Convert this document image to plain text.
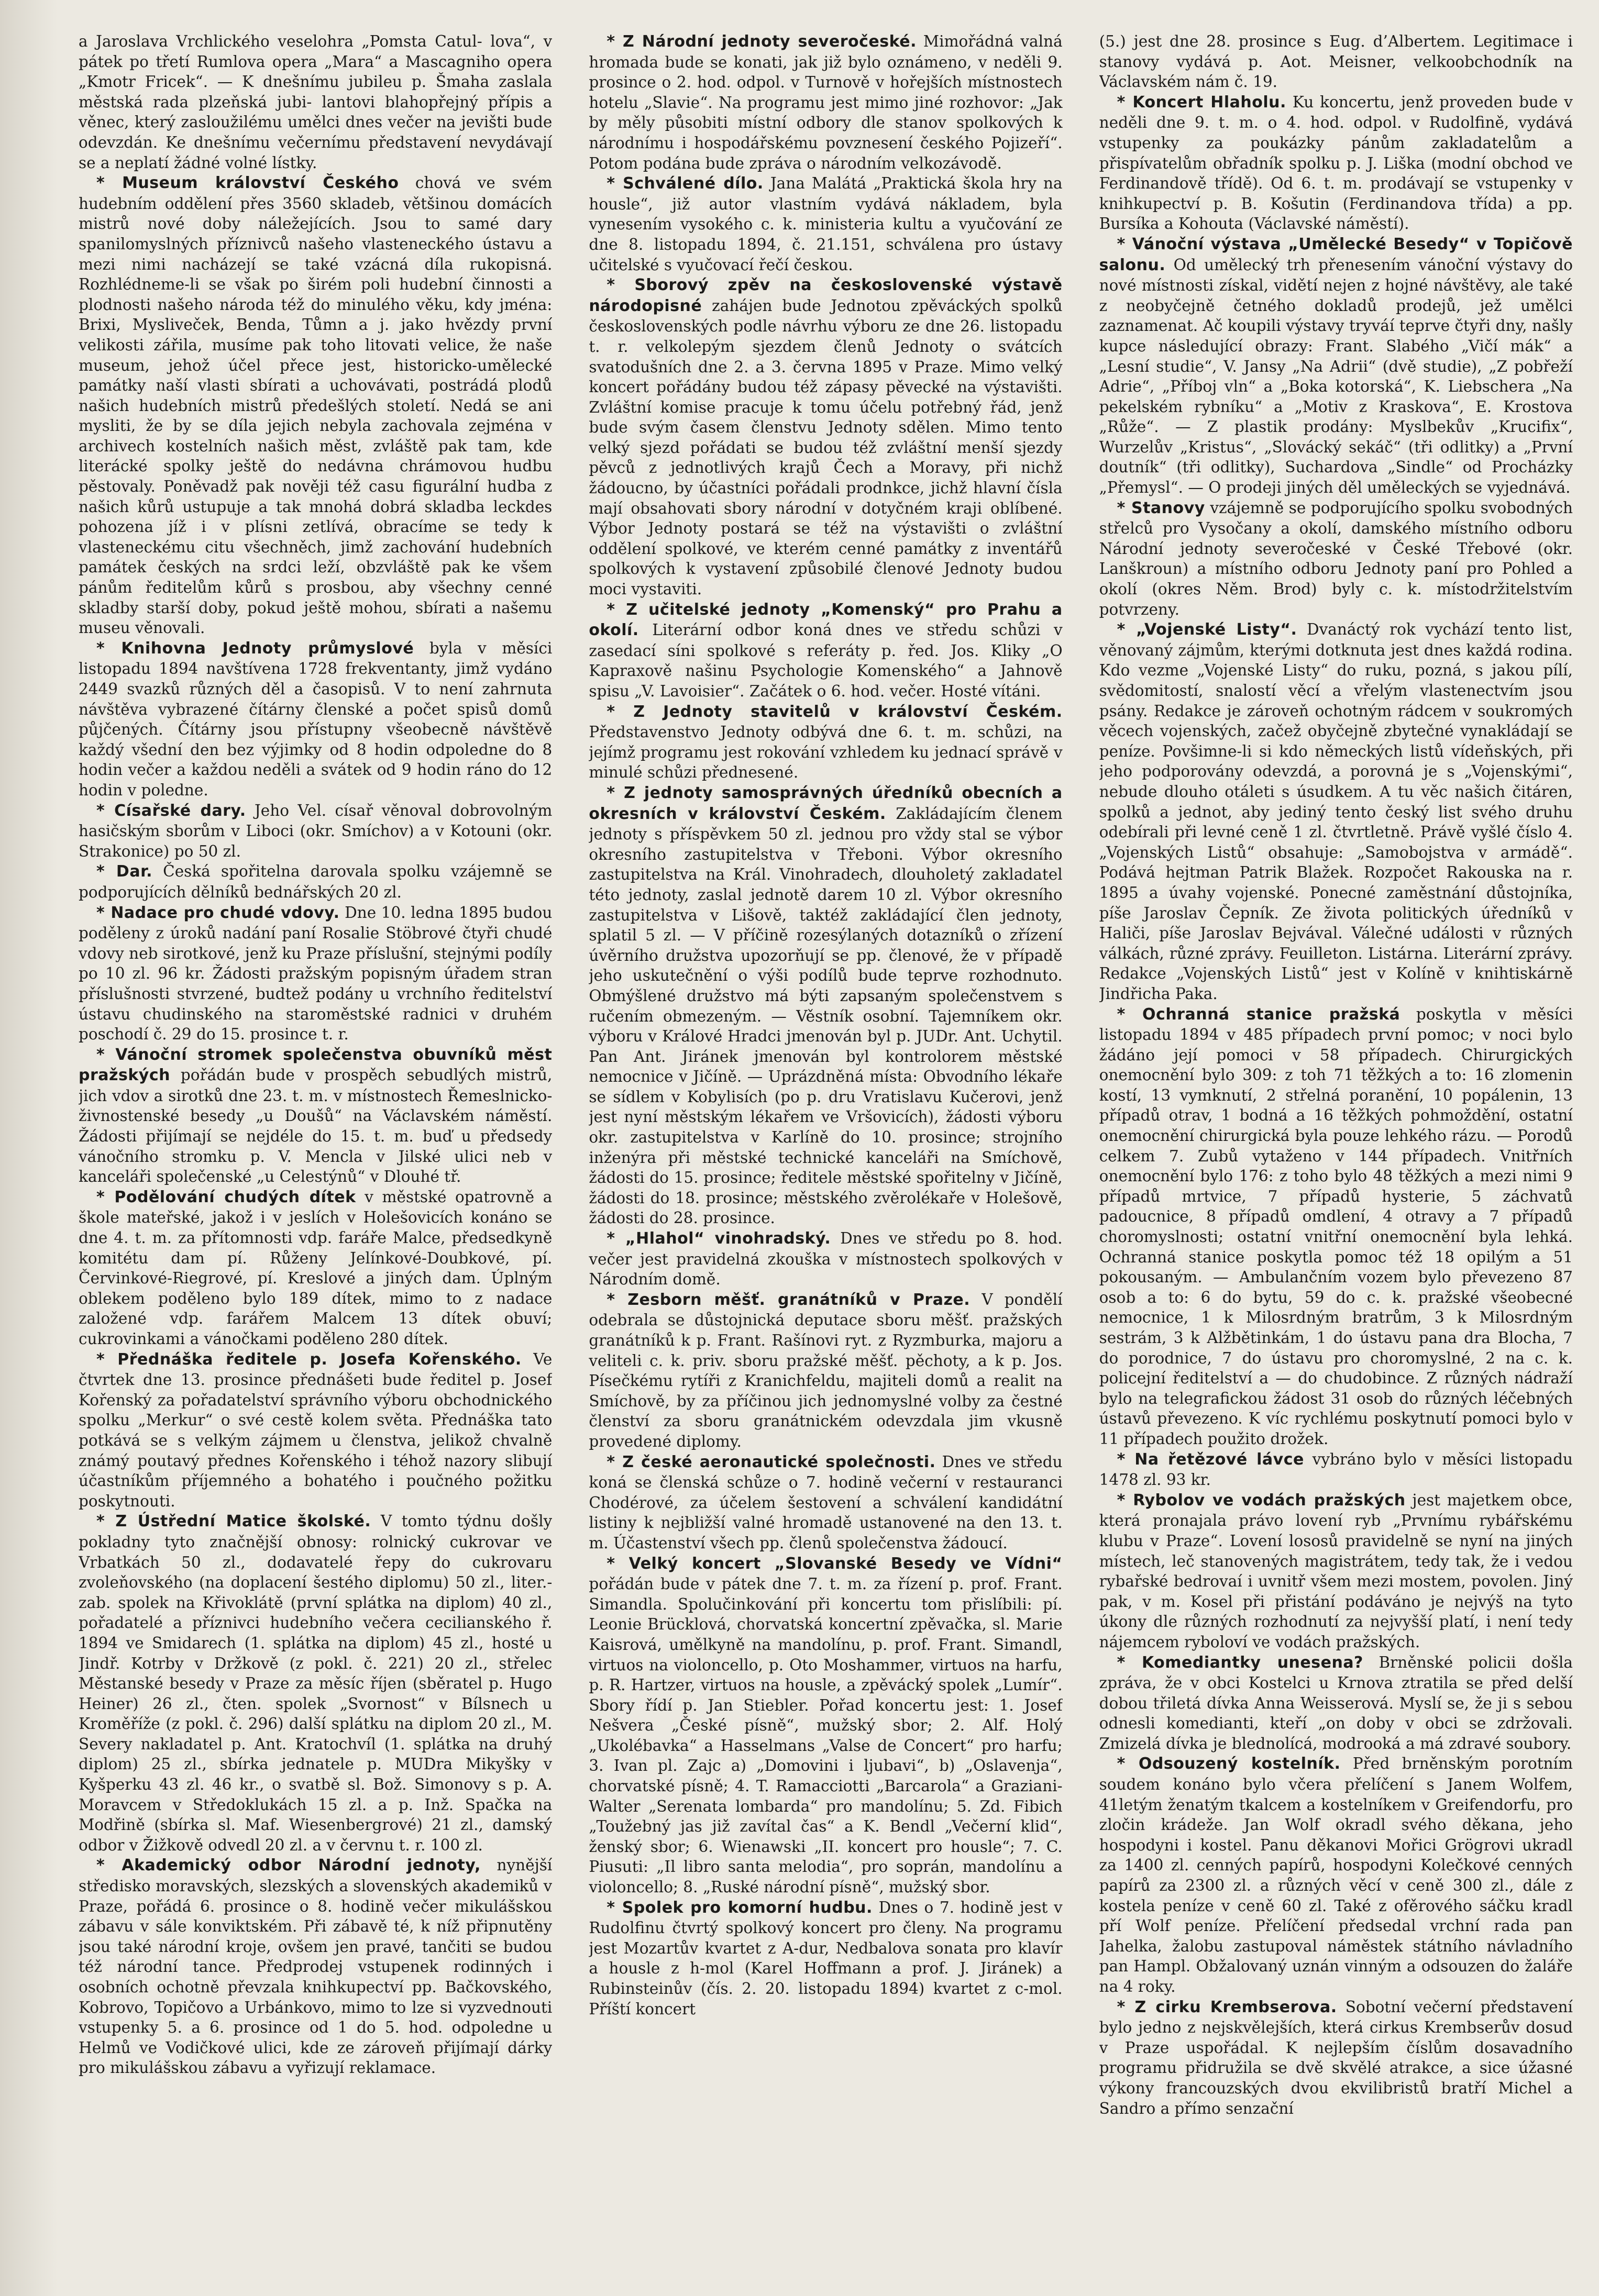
a Jaroslava Vrchlického veselohra „Pomsta Catul- lova“, v pátek po třetí Rumlova opera „Mara“ a Mascagniho opera „Kmotr Fricek“. — K dnešnímu jubileu p. Šmaha zaslala městská rada plzeňská jubi- lantovi blahopřejný přípis a věnec, který zasloužilému umělci dnes večer na jevišti bude odevzdán. Ke dnešnímu večernímu představení nevydávají se a neplatí žádné volné lístky.

* Museum království Českého chová ve svém hudebním oddělení přes 3560 skladeb, většinou domácích mistrů nové doby náležejících. Jsou to samé dary spanilomyslných příznivců našeho vlasteneckého ústavu a mezi nimi nacházejí se také vzácná díla rukopisná. Rozhlédneme-li se však po širém poli hudební činnosti a plodnosti našeho národa též do minulého věku, kdy jména: Brixi, Mysliveček, Benda, Tůmn a j. jako hvězdy první velikosti zářila, musíme pak toho litovati velice, že naše museum, jehož účel přece jest, historicko-umělecké památky naší vlasti sbírati a uchovávati, postrádá plodů našich hudebních mistrů předešlých století. Nedá se ani mysliti, že by se díla jejich nebyla zachovala zejména v archivech kostelních našich měst, zvláště pak tam, kde literácké spolky ještě do nedávna chrámovou hudbu pěstovaly. Poněvadž pak nověji též casu figurální hudba z našich kůrů ustupuje a tak mnohá dobrá skladba leckdes pohozena jíž i v plísni zetlívá, obracíme se tedy k vlasteneckému citu všechněch, jimž zachování hudebních památek českých na srdci leží, obzvláště pak ke všem pánům ředitelům kůrů s prosbou, aby všechny cenné skladby starší doby, pokud ještě mohou, sbírati a našemu museu věnovali.

* Knihovna Jednoty průmyslové byla v měsíci listopadu 1894 navštívena 1728 frekventanty, jimž vydáno 2449 svazků různých děl a časopisů. V to není zahrnuta návštěva vybrazené čítárny členské a počet spisů domů půjčených. Čítárny jsou přístupny všeobecně návštěvě každý všední den bez výjimky od 8 hodin odpoledne do 8 hodin večer a každou neděli a svátek od 9 hodin ráno do 12 hodin v poledne.

* Císařské dary. Jeho Vel. císař věnoval dobrovolným hasičským sborům v Liboci (okr. Smíchov) a v Kotouni (okr. Strakonice) po 50 zl.

* Dar. Česká spořitelna darovala spolku vzájemně se podporujících dělníků bednářských 20 zl.

* Nadace pro chudé vdovy. Dne 10. ledna 1895 budou poděleny z úroků nadání paní Rosalie Stöbrové čtyři chudé vdovy neb sirotkové, jenž ku Praze příslušní, stejnými podíly po 10 zl. 96 kr. Žádosti pražským popisným úřadem stran příslušnosti stvrzené, budtež podány u vrchního ředitelství ústavu chudinského na staroměstské radnici v druhém poschodí č. 29 do 15. prosince t. r.

* Vánoční stromek společenstva obuvníků měst pražských pořádán bude v prospěch sebudlých mistrů, jich vdov a sirotků dne 23. t. m. v místnostech Řemeslnicko-živnostenské besedy „u Doušů“ na Václavském náměstí. Žádosti přijímají se nejdéle do 15. t. m. buď u předsedy vánočního stromku p. V. Mencla v Jilské ulici neb v kanceláři společenské „u Celestýnů“ v Dlouhé tř.

* Podělování chudých dítek v městské opatrovně a škole mateřské, jakož i v jeslích v Holešovicích konáno se dne 4. t. m. za přítomnosti vdp. faráře Malce, předsedkyně komitétu dam pí. Růženy Jelínkové-Doubkové, pí. Červinkové-Riegrové, pí. Kreslové a jiných dam. Úplným oblekem poděleno bylo 189 dítek, mimo to z nadace založené vdp. farářem Malcem 13 dítek obuví; cukrovinkami a vánočkami poděleno 280 dítek.

* Přednáška ředitele p. Josefa Kořenského. Ve čtvrtek dne 13. prosince přednášeti bude ředitel p. Josef Kořenský za pořadatelství správního výboru obchodnického spolku „Merkur“ o své cestě kolem světa. Přednáška tato potkává se s velkým zájmem u členstva, jelikož chvalně známý poutavý přednes Kořenského i téhož nazory slibují účastníkům příjemného a bohatého i poučného požitku poskytnouti.

* Z Ústřední Matice školské. V tomto týdnu došly pokladny tyto značnější obnosy: rolnický cukrovar ve Vrbatkách 50 zl., dodavatelé řepy do cukrovaru zvoleňovského (na doplacení šestého diplomu) 50 zl., liter.-zab. spolek na Křivoklátě (první splátka na diplom) 40 zl., pořadatelé a příznivci hudebního večera cecilianského ř. 1894 ve Smidarech (1. splátka na diplom) 45 zl., hosté u Jindř. Kotrby v Držkově (z pokl. č. 221) 20 zl., střelec Městanské besedy v Praze za měsíc říjen (sběratel p. Hugo Heiner) 26 zl., čten. spolek „Svornost“ v Bílsnech u Kroměříže (z pokl. č. 296) další splátku na diplom 20 zl., M. Severy nakladatel p. Ant. Kratochvíl (1. splátka na druhý diplom) 25 zl., sbírka jednatele p. MUDra Mikyšky v Kyšperku 43 zl. 46 kr., o svatbě sl. Bož. Simonovy s p. A. Moravcem v Středoklukách 15 zl. a p. Inž. Spačka na Modřině (sbírka sl. Maf. Wiesenbergrové) 21 zl., damský odbor v Žižkově odvedl 20 zl. a v červnu t. r. 100 zl.

* Akademický odbor Národní jednoty, nynější středisko moravských, slezských a slovenských akademiků v Praze, pořádá 6. prosince o 8. hodině večer mikulášskou zábavu v sále konviktském. Při zábavě té, k níž připnutěny jsou také národní kroje, ovšem jen pravé, tančiti se budou též národní tance. Předprodej vstupenek rodinných i osobních ochotně převzala knihkupectví pp. Bačkovského, Kobrovo, Topičovo a Urbánkovo, mimo to lze si vyzvednouti vstupenky 5. a 6. prosince od 1 do 5. hod. odpoledne u Helmů ve Vodičkové ulici, kde ze zároveň přijímají dárky pro mikulášskou zábavu a vyřizují reklamace.

* Z Národní jednoty severočeské. Mimořádná valná hromada bude se konati, jak již bylo oznámeno, v neděli 9. prosince o 2. hod. odpol. v Turnově v hořejších místnostech hotelu „Slavie“. Na programu jest mimo jiné rozhovor: „Jak by měly působiti místní odbory dle stanov spolkových k národnímu i hospodářskému povznesení českého Pojizeří“. Potom podána bude zpráva o národním velkozávodě.

* Schválené dílo. Jana Malátá „Praktická škola hry na housle“, již autor vlastním vydává nákladem, byla vynesením vysokého c. k. ministeria kultu a vyučování ze dne 8. listopadu 1894, č. 21.151, schválena pro ústavy učitelské s vyučovací řečí českou.

* Sborový zpěv na československé výstavě národopisné zahájen bude Jednotou zpěváckých spolků československých podle návrhu výboru ze dne 26. listopadu t. r. velkolepým sjezdem členů Jednoty o svátcích svatodušních dne 2. a 3. června 1895 v Praze. Mimo velký koncert pořádány budou též zápasy pěvecké na výstavišti. Zvláštní komise pracuje k tomu účelu potřebný řád, jenž bude svým časem členstvu Jednoty sdělen. Mimo tento velký sjezd pořádati se budou též zvláštní menší sjezdy pěvců z jednotlivých krajů Čech a Moravy, při nichž žádoucno, by účastníci pořádali prodnkce, jichž hlavní čísla mají obsahovati sbory národní v dotyčném kraji oblíbené. Výbor Jednoty postará se též na výstavišti o zvláštní oddělení spolkové, ve kterém cenné památky z inventářů spolkových k vystavení způsobilé členové Jednoty budou moci vystaviti.

* Z učitelské jednoty „Komenský“ pro Prahu a okolí. Literární odbor koná dnes ve středu schůzi v zasedací síni spolkové s referáty p. řed. Jos. Kliky „O Kapraxově našinu Psychologie Komenského“ a Jahnově spisu „V. Lavoisier“. Začátek o 6. hod. večer. Hosté vítáni.

* Z Jednoty stavitelů v království Českém. Představenstvo Jednoty odbývá dne 6. t. m. schůzi, na jejímž programu jest rokování vzhledem ku jednací správě v minulé schůzi přednesené.

* Z jednoty samosprávných úředníků obecních a okresních v království Českém. Zakládajícím členem jednoty s příspěvkem 50 zl. jednou pro vždy stal se výbor okresního zastupitelstva v Třeboni. Výbor okresního zastupitelstva na Král. Vinohradech, dlouholetý zakladatel této jednoty, zaslal jednotě darem 10 zl. Výbor okresního zastupitelstva v Lišově, taktéž zakládající člen jednoty, splatil 5 zl. — V příčině rozesýlaných dotazníků o zřízení úvěrního družstva upozorňují se pp. členové, že v případě jeho uskutečnění o výši podílů bude teprve rozhodnuto. Obmýšlené družstvo má býti zapsaným společenstvem s ručením obmezeným. — Věstník osobní. Tajemníkem okr. výboru v Králové Hradci jmenován byl p. JUDr. Ant. Uchytil. Pan Ant. Jiránek jmenován byl kontrolorem městské nemocnice v Jičíně. — Uprázdněná místa: Obvodního lékaře se sídlem v Kobylisích (po p. dru Vratislavu Kučerovi, jenž jest nyní městským lékařem ve Vršovicích), žádosti výboru okr. zastupitelstva v Karlíně do 10. prosince; strojního inženýra při městské technické kanceláři na Smíchově, žádosti do 15. prosince; ředitele městské spořitelny v Jičíně, žádosti do 18. prosince; městského zvěrolékaře v Holešově, žádosti do 28. prosince.

* „Hlahol“ vinohradský. Dnes ve středu po 8. hod. večer jest pravidelná zkouška v místnostech spolkových v Národním domě.

* Zesborn měšť. granátníků v Praze. V pondělí odebrala se důstojnická deputace sboru měšť. pražských granátníků k p. Frant. Rašínovi ryt. z Ryzmburka, majoru a veliteli c. k. priv. sboru pražské měšť. pěchoty, a k p. Jos. Písečkému rytíři z Kranichfeldu, majiteli domů a realit na Smíchově, by za příčinou jich jednomyslné volby za čestné členství za sboru granátnickém odevzdala jim vkusně provedené diplomy.

* Z české aeronautické společnosti. Dnes ve středu koná se členská schůze o 7. hodině večerní v restauranci Chodérové, za účelem šestovení a schválení kandidátní listiny k nejbližší valné hromadě ustanovené na den 13. t. m. Účastenství všech pp. členů společenstva žádoucí.

* Velký koncert „Slovanské Besedy ve Vídni“ pořádán bude v pátek dne 7. t. m. za řízení p. prof. Frant. Simandla. Spolučinkování při koncertu tom přislíbili: pí. Leonie Brücklová, chorvatská koncertní zpěvačka, sl. Marie Kaisrová, umělkyně na mandolínu, p. prof. Frant. Simandl, virtuos na violoncello, p. Oto Moshammer, virtuos na harfu, p. R. Hartzer, virtuos na housle, a zpěvácký spolek „Lumír“. Sbory řídí p. Jan Stiebler. Pořad koncertu jest: 1. Josef Nešvera „České písně“, mužský sbor; 2. Alf. Holý „Ukolébavka“ a Hasselmans „Valse de Concert“ pro harfu; 3. Ivan pl. Zajc a) „Domovini i ljubavi“, b) „Oslavenja“, chorvatské písně; 4. T. Ramacciotti „Barcarola“ a Graziani-Walter „Serenata lombarda“ pro mandolínu; 5. Zd. Fibich „Toužebný jas již zavítal čas“ a K. Bendl „Večerní klid“, ženský sbor; 6. Wienawski „II. koncert pro housle“; 7. C. Piusuti: „Il libro santa melodia“, pro soprán, mandolínu a violoncello; 8. „Ruské národní písně“, mužský sbor.

* Spolek pro komorní hudbu. Dnes o 7. hodině jest v Rudolfinu čtvrtý spolkový koncert pro členy. Na programu jest Mozartův kvartet z A-dur, Nedbalova sonata pro klavír a housle z h-mol (Karel Hoffmann a prof. J. Jiránek) a Rubinsteinův (čís. 2. 20. listopadu 1894) kvartet z c-mol. Příští koncert

(5.) jest dne 28. prosince s Eug. d’Albertem. Legitimace i stanovy vydává p. Aot. Meisner, velkoobchodník na Václavském nám č. 19.

* Koncert Hlaholu. Ku koncertu, jenž proveden bude v neděli dne 9. t. m. o 4. hod. odpol. v Rudolfině, vydává vstupenky za poukázky pánům zakladatelům a přispívatelům obřadník spolku p. J. Liška (modní obchod ve Ferdinandově třídě). Od 6. t. m. prodávají se vstupenky v knihkupectví p. B. Košutin (Ferdinandova třída) a pp. Bursíka a Kohouta (Václavské náměstí).

* Vánoční výstava „Umělecké Besedy“ v Topičově salonu. Od umělecký trh přenesením vánoční výstavy do nové místnosti získal, vidětí nejen z hojné návštěvy, ale také z neobyčejně četného dokladů prodejů, jež umělci zaznamenat. Ač koupili výstavy tryváí teprve čtyři dny, našly kupce následující obrazy: Frant. Slabého „Vičí mák“ a „Lesní studie“, V. Jansy „Na Adrii“ (dvě studie), „Z pobřeží Adrie“, „Příboj vln“ a „Boka kotorská“, K. Liebschera „Na pekelském rybníku“ a „Motiv z Kraskova“, E. Krostova „Růže“. — Z plastik prodány: Myslbekův „Krucifix“, Wurzelův „Kristus“, „Slovácký sekáč“ (tři odlitky) a „První doutník“ (tři odlitky), Suchardova „Sindle“ od Procházky „Přemysl“. — O prodeji jiných děl uměleckých se vyjednává.

* Stanovy vzájemně se podporujícího spolku svobodných střelců pro Vysočany a okolí, damského místního odboru Národní jednoty severočeské v České Třebové (okr. Lanškroun) a místního odboru Jednoty paní pro Pohled a okolí (okres Něm. Brod) byly c. k. místodržitelstvím potvrzeny.

* „Vojenské Listy“. Dvanáctý rok vychází tento list, věnovaný zájmům, kterými dotknuta jest dnes každá rodina. Kdo vezme „Vojenské Listy“ do ruku, pozná, s jakou pílí, svědomitostí, snalostí věcí a vřelým vlastenectvím jsou psány. Redakce je zároveň ochotným rádcem v soukromých věcech vojenských, začež obyčejně zbytečné vynakládají se peníze. Povšimne-li si kdo německých listů vídeňských, při jeho podporovány odevzdá, a porovná je s „Vojenskými“, nebude dlouho otáleti s úsudkem. A tu věc našich čitáren, spolků a jednot, aby jediný tento český list svého druhu odebírali při levné ceně 1 zl. čtvrtletně. Právě vyšlé číslo 4. „Vojenských Listů“ obsahuje: „Samobojstva v armádě“. Podává hejtman Patrik Blažek. Rozpočet Rakouska na r. 1895 a úvahy vojenské. Ponecné zaměstnání důstojníka, píše Jaroslav Čepník. Ze života politických úředníků v Haliči, píše Jaroslav Bejvával. Válečné události v různých válkách, různé zprávy. Feuilleton. Listárna. Literární zprávy. Redakce „Vojenských Listů“ jest v Kolíně v knihtiskárně Jindřicha Paka.

* Ochranná stanice pražská poskytla v měsíci listopadu 1894 v 485 případech první pomoc; v noci bylo žádáno její pomoci v 58 případech. Chirurgických onemocnění bylo 309: z toh 71 těžkých a to: 16 zlomenin kostí, 13 vymknutí, 2 střelná poranění, 10 popálenin, 13 případů otrav, 1 bodná a 16 těžkých pohmoždění, ostatní onemocnění chirurgická byla pouze lehkého rázu. — Porodů celkem 7. Zubů vytaženo v 144 případech. Vnitřních onemocnění bylo 176: z toho bylo 48 těžkých a mezi nimi 9 případů mrtvice, 7 případů hysterie, 5 záchvatů padoucnice, 8 případů omdlení, 4 otravy a 7 případů choromyslnosti; ostatní vnitřní onemocnění byla lehká. Ochranná stanice poskytla pomoc též 18 opilým a 51 pokousaným. — Ambulančním vozem bylo převezeno 87 osob a to: 6 do bytu, 59 do c. k. pražské všeobecné nemocnice, 1 k Milosrdným bratrům, 3 k Milosrdným sestrám, 3 k Alžbětinkám, 1 do ústavu pana dra Blocha, 7 do porodnice, 7 do ústavu pro choromyslné, 2 na c. k. policejní ředitelství a — do chudobince. Z různých nádraží bylo na telegrafickou žádost 31 osob do různých léčebných ústavů převezeno. K víc rychlému poskytnutí pomoci bylo v 11 případech použito drožek.

* Na řetězové lávce vybráno bylo v měsíci listopadu 1478 zl. 93 kr.

* Rybolov ve vodách pražských jest majetkem obce, která pronajala právo lovení ryb „Prvnímu rybářskému klubu v Praze“. Lovení lososů pravidelně se nyní na jiných místech, leč stanovených magistrátem, tedy tak, že i vedou rybařské bedrovaí i uvnitř všem mezi mostem, povolen. Jiný pak, v m. Kosel při přistání podáváno je nejvýš na tyto úkony dle různých rozhodnutí za nejvyšší platí, i není tedy nájemcem ryboloví ve vodách pražských.

* Komediantky unesena? Brněnské policii došla zpráva, že v obci Kostelci u Krnova ztratila se před delší dobou třiletá dívka Anna Weisserová. Myslí se, že ji s sebou odnesli komedianti, kteří „on doby v obci se zdržovali. Zmizelá dívka je blednolícá, modrooká a má zdravé soubory.

* Odsouzený kostelník. Před brněnským porotním soudem konáno bylo včera přelíčení s Janem Wolfem, 41letým ženatým tkalcem a kostelníkem v Greifendorfu, pro zločin krádeže. Jan Wolf okradl svého děkana, jeho hospodyni i kostel. Panu děkanovi Mořici Grögrovi ukradl za 1400 zl. cenných papírů, hospodyni Kolečkové cenných papírů za 2300 zl. a různých věcí v ceně 300 zl., dále z kostela peníze v ceně 60 zl. Také z ofěrového sáčku kradl pří Wolf peníze. Přelíčení předsedal vrchní rada pan Jahelka, žalobu zastupoval náměstek státního návladního pan Hampl. Obžalovaný uznán vinným a odsouzen do žaláře na 4 roky.

* Z cirku Krembserova. Sobotní večerní představení bylo jedno z nejskvělejších, která cirkus Krembserův dosud v Praze uspořádal. K nejlepším číslům dosavadního programu přidružila se dvě skvělé atrakce, a sice úžasné výkony francouzských dvou ekvilibristů bratří Michel a Sandro a přímo senzační
